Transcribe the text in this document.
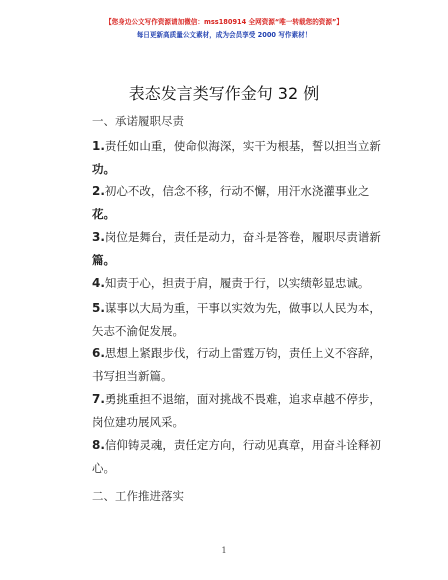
【您身边公文写作资源请加微信：mss180914 全网资源“唯一转载您的资源”】
每日更新高质量公文素材，成为会员享受 2000 写作素材！
表态发言类写作金句 32 例
一、承诺履职尽责
1.责任如山重，使命似海深，实干为根基，誓以担当立新
功。
2.初心不改，信念不移，行动不懈，用汗水浇灌事业之
花。
3.岗位是舞台，责任是动力，奋斗是答卷，履职尽责谱新
篇。
4.知责于心，担责于肩，履责于行，以实绩彰显忠诚。
5.谋事以大局为重，干事以实效为先，做事以人民为本，
矢志不渝促发展。
6.思想上紧跟步伐，行动上雷霆万钧，责任上义不容辞，
书写担当新篇。
7.勇挑重担不退缩，面对挑战不畏难，追求卓越不停步，
岗位建功展风采。
8.信仰铸灵魂，责任定方向，行动见真章，用奋斗诠释初
心。
二、工作推进落实
1
